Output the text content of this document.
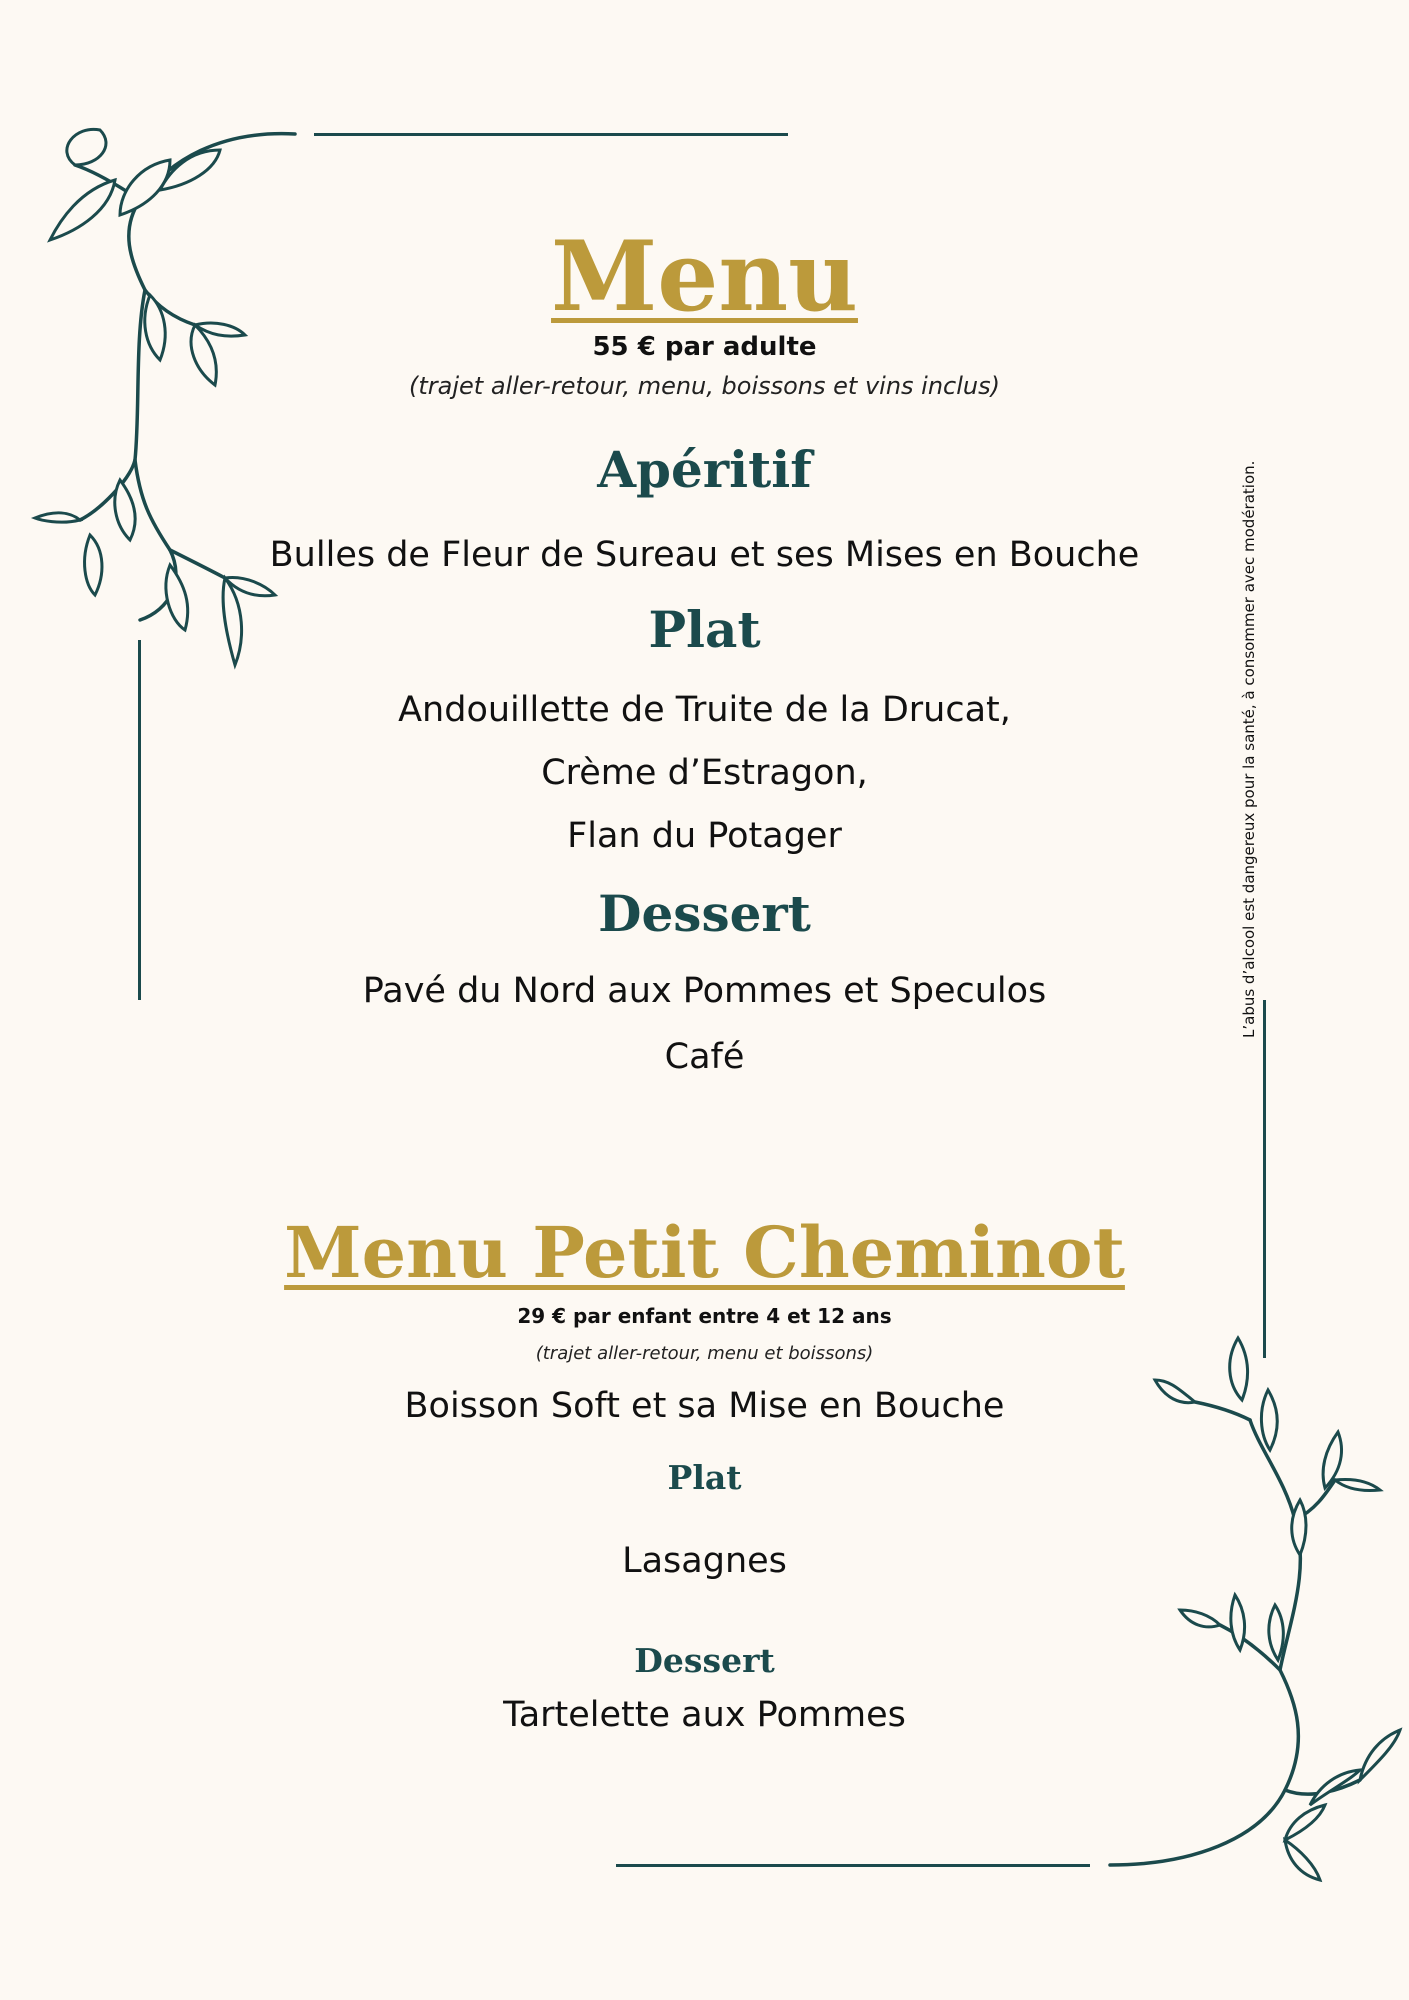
L’abus d’alcool est dangereux pour la santé, à consommer avec modération.
Menu
55 € par adulte
(trajet aller-retour, menu, boissons et vins inclus)
Apéritif
Bulles de Fleur de Sureau et ses Mises en Bouche
Plat
Andouillette de Truite de la Drucat,
Crème d’Estragon,
Flan du Potager
Dessert
Pavé du Nord aux Pommes et Speculos
Café
Menu Petit Cheminot
29 € par enfant entre 4 et 12 ans
(trajet aller-retour, menu et boissons)
Boisson Soft et sa Mise en Bouche
Plat
Lasagnes
Dessert
Tartelette aux Pommes
